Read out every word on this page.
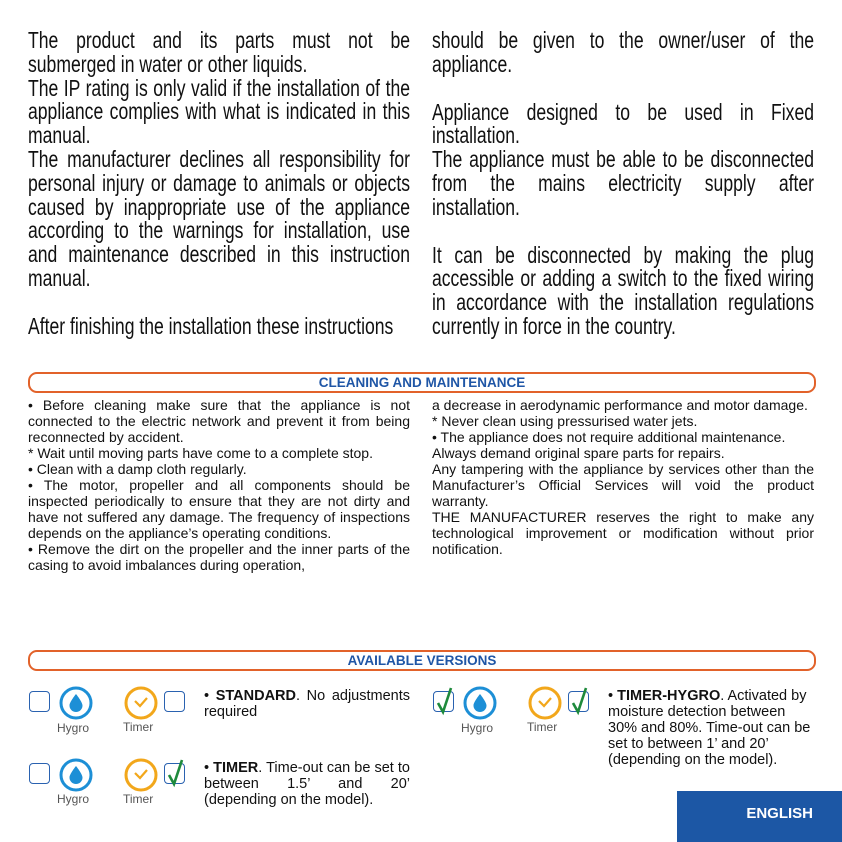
The product and its parts must not be submerged in water or other liquids.

The IP rating is only valid if the installation of the appliance complies with what is indicated in this manual.

The manufacturer declines all responsibility for personal injury or damage to animals or objects caused by inappropriate use of the appliance according to the warnings for installation, use and maintenance described in this instruction manual.

After finishing the installation these instructions

should be given to the owner/user of the appliance.

Appliance designed to be used in Fixed installation.

The appliance must be able to be disconnected from the mains electricity supply after installation.

It can be disconnected by making the plug accessible or adding a switch to the fixed wiring in accordance with the installation regulations currently in force in the country.

CLEANING AND MAINTENANCE

• Before cleaning make sure that the appliance is not connected to the electric network and prevent it from being reconnected by accident.

* Wait until moving parts have come to a complete stop.

• Clean with a damp cloth regularly.

• The motor, propeller and all components should be inspected periodically to ensure that they are not dirty and have not suffered any damage. The frequency of inspections depends on the appliance’s operating conditions.

• Remove the dirt on the propeller and the inner parts of the casing to avoid imbalances during operation,

a decrease in aerodynamic performance and motor damage.

* Never clean using pressurised water jets.

• The appliance does not require additional maintenance.

Always demand original spare parts for repairs.

Any tampering with the appliance by services other than the Manufacturer’s Official Services will void the product warranty.

THE MANUFACTURER reserves the right to make any technological improvement or modification without prior notification.

AVAILABLE VERSIONS
Hygro	Timer
• STANDARD. No adjustments required
Hygro	Timer
• TIMER. Time-out can be set to between 1.5’ and 20’ (depending on the model).
Hygro	Timer
• TIMER-HYGRO. Activated by moisture detection between 30% and 80%. Time-out can be set to between 1’ and 20’ (depending on the model).
ENGLISH
